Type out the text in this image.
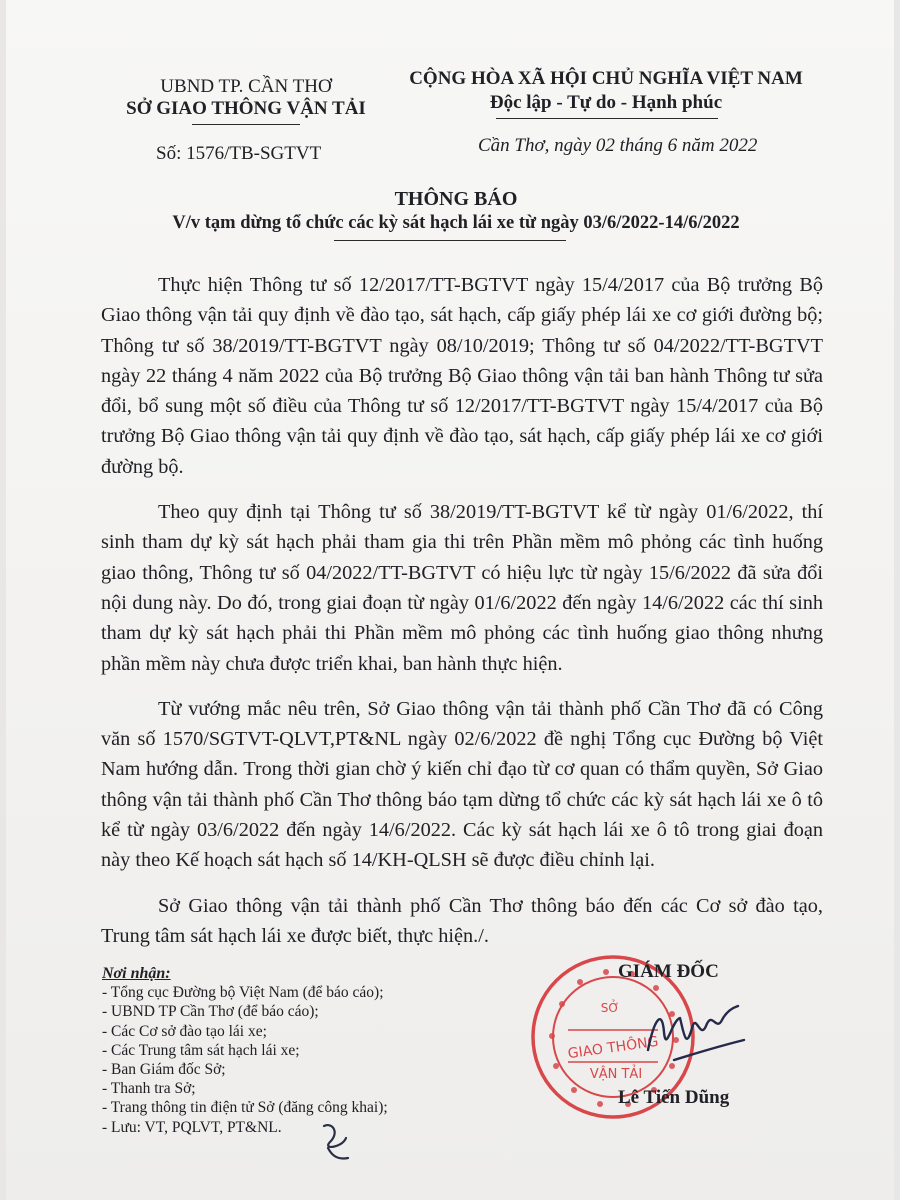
UBND TP. CẦN THƠ
SỞ GIAO THÔNG VẬN TẢI
Số: 1576/TB-SGTVT
CỘNG HÒA XÃ HỘI CHỦ NGHĨA VIỆT NAM
Độc lập - Tự do - Hạnh phúc
Cần Thơ, ngày 02 tháng 6 năm 2022
THÔNG BÁO
V/v tạm dừng tổ chức các kỳ sát hạch lái xe từ ngày 03/6/2022-14/6/2022

Thực hiện Thông tư số 12/2017/TT-BGTVT ngày 15/4/2017 của Bộ trưởng Bộ Giao thông vận tải quy định về đào tạo, sát hạch, cấp giấy phép lái xe cơ giới đường bộ; Thông tư số 38/2019/TT-BGTVT ngày 08/10/2019; Thông tư số 04/2022/TT-BGTVT ngày 22 tháng 4 năm 2022 của Bộ trưởng Bộ Giao thông vận tải ban hành Thông tư sửa đổi, bổ sung một số điều của Thông tư số 12/2017/TT-BGTVT ngày 15/4/2017 của Bộ trưởng Bộ Giao thông vận tải quy định về đào tạo, sát hạch, cấp giấy phép lái xe cơ giới đường bộ.

Theo quy định tại Thông tư số 38/2019/TT-BGTVT kể từ ngày 01/6/2022, thí sinh tham dự kỳ sát hạch phải tham gia thi trên Phần mềm mô phỏng các tình huống giao thông, Thông tư số 04/2022/TT-BGTVT có hiệu lực từ ngày 15/6/2022 đã sửa đổi nội dung này. Do đó, trong giai đoạn từ ngày 01/6/2022 đến ngày 14/6/2022 các thí sinh tham dự kỳ sát hạch phải thi Phần mềm mô phỏng các tình huống giao thông nhưng phần mềm này chưa được triển khai, ban hành thực hiện.

Từ vướng mắc nêu trên, Sở Giao thông vận tải thành phố Cần Thơ đã có Công văn số 1570/SGTVT-QLVT,PT&NL ngày 02/6/2022 đề nghị Tổng cục Đường bộ Việt Nam hướng dẫn. Trong thời gian chờ ý kiến chỉ đạo từ cơ quan có thẩm quyền, Sở Giao thông vận tải thành phố Cần Thơ thông báo tạm dừng tổ chức các kỳ sát hạch lái xe ô tô kể từ ngày 03/6/2022 đến ngày 14/6/2022. Các kỳ sát hạch lái xe ô tô trong giai đoạn này theo Kế hoạch sát hạch số 14/KH-QLSH sẽ được điều chỉnh lại.

Sở Giao thông vận tải thành phố Cần Thơ thông báo đến các Cơ sở đào tạo, Trung tâm sát hạch lái xe được biết, thực hiện./.

Nơi nhận:
- Tổng cục Đường bộ Việt Nam (để báo cáo);
- UBND TP Cần Thơ (để báo cáo);
- Các Cơ sở đào tạo lái xe;
- Các Trung tâm sát hạch lái xe;
- Ban Giám đốc Sở;
- Thanh tra Sở;
- Trang thông tin điện tử Sở (đăng công khai);
- Lưu: VT, PQLVT, PT&NL.
SỞ
GIAO THÔNG
VẬN TẢI
GIÁM ĐỐC
Lê Tiến Dũng
